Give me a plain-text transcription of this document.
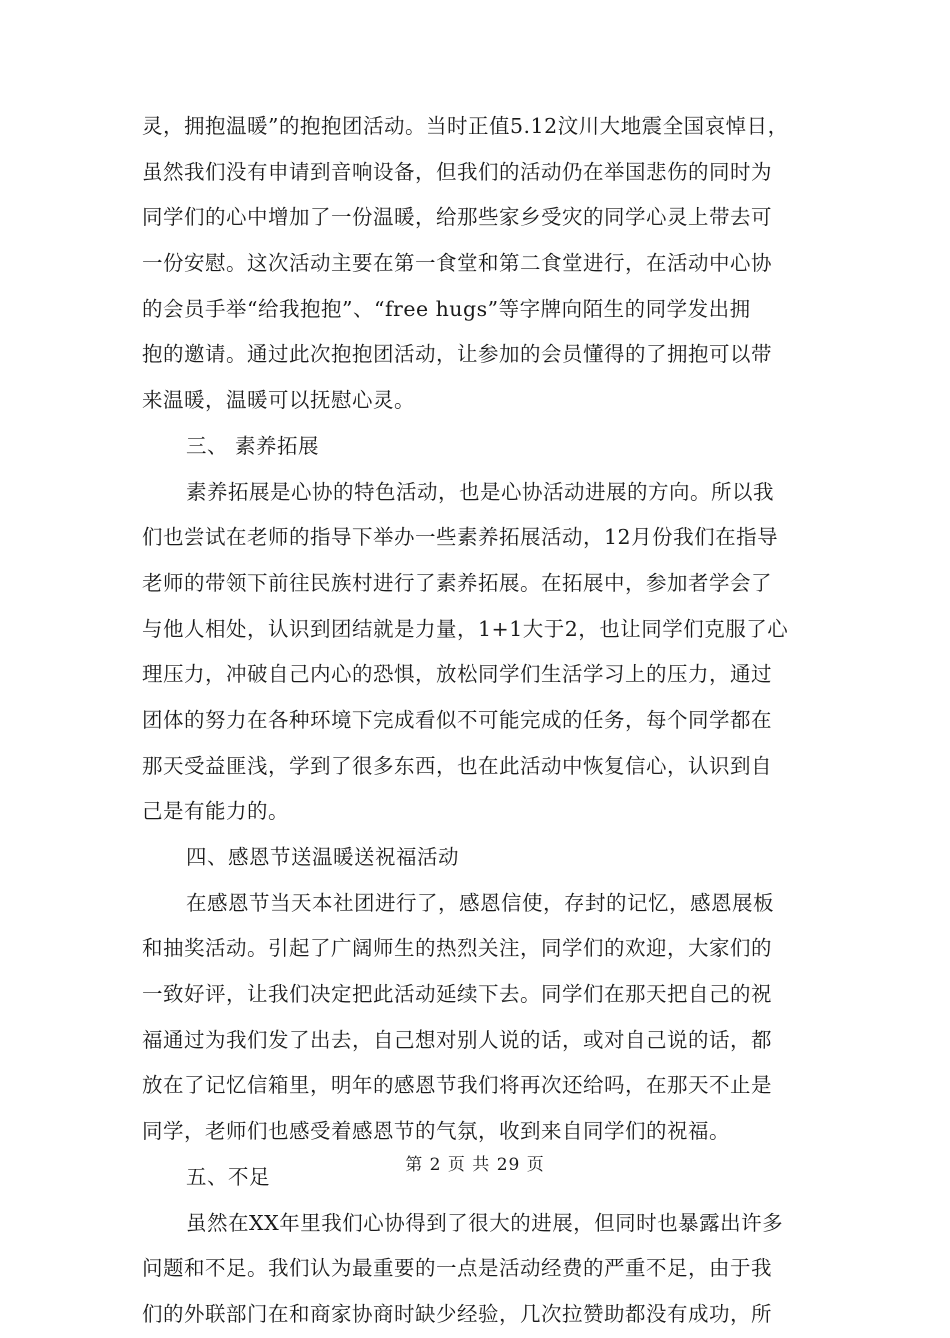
灵，拥抱温暖”的抱抱团活动。当时正值5.12汶川大地震全国哀悼日，
虽然我们没有申请到音响设备，但我们的活动仍在举国悲伤的同时为
同学们的心中增加了一份温暖，给那些家乡受灾的同学心灵上带去可
一份安慰。这次活动主要在第一食堂和第二食堂进行，在活动中心协
的会员手举“给我抱抱”、“free hugs”等字牌向陌生的同学发出拥
抱的邀请。通过此次抱抱团活动，让参加的会员懂得的了拥抱可以带
来温暖，温暖可以抚慰心灵。
三、 素养拓展
素养拓展是心协的特色活动，也是心协活动进展的方向。所以我
们也尝试在老师的指导下举办一些素养拓展活动，12月份我们在指导
老师的带领下前往民族村进行了素养拓展。在拓展中，参加者学会了
与他人相处，认识到团结就是力量，1+1大于2，也让同学们克服了心
理压力，冲破自己内心的恐惧，放松同学们生活学习上的压力，通过
团体的努力在各种环境下完成看似不可能完成的任务，每个同学都在
那天受益匪浅，学到了很多东西，也在此活动中恢复信心，认识到自
己是有能力的。
四、感恩节送温暖送祝福活动
在感恩节当天本社团进行了，感恩信使，存封的记忆，感恩展板
和抽奖活动。引起了广阔师生的热烈关注，同学们的欢迎，大家们的
一致好评，让我们决定把此活动延续下去。同学们在那天把自己的祝
福通过为我们发了出去，自己想对别人说的话，或对自己说的话，都
放在了记忆信箱里，明年的感恩节我们将再次还给吗，在那天不止是
同学，老师们也感受着感恩节的气氛，收到来自同学们的祝福。
五、不足
虽然在XX年里我们心协得到了很大的进展，但同时也暴露出许多
问题和不足。我们认为最重要的一点是活动经费的严重不足，由于我
们的外联部门在和商家协商时缺少经验，几次拉赞助都没有成功，所
第 2 页 共 29 页
